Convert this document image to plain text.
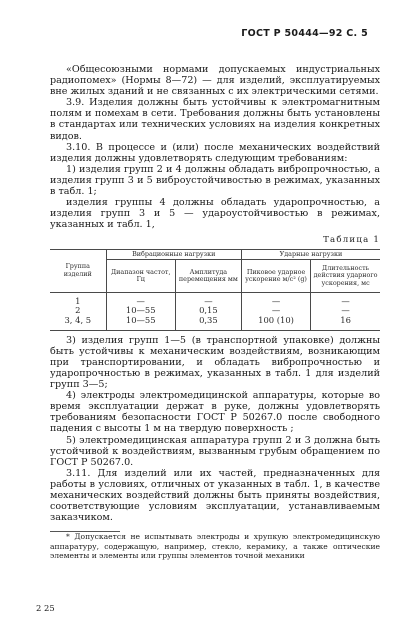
ГОСТ Р 50444—92 С. 5

«Общесоюзными нормами допускаемых индустриальных радиопомех» (Нормы 8—72) — для изделий, эксплуатируемых вне жилых зданий и не связанных с их электрическими сетями.

3.9. Изделия должны быть устойчивы к электромагнитным полям и помехам в сети. Требования должны быть установлены в стандартах или технических условиях на изделия конкретных видов.

3.10. В процессе и (или) после механических воздействий изделия должны удовлетворять следующим требованиям:

1) изделия групп 2 и 4 должны обладать вибропрочностью, а изделия групп 3 и 5 виброустойчивостью в режимах, указанных в табл. 1;

изделия группы 4 должны обладать ударопрочностью, а изделия групп 3 и 5 — удароустойчивостью в режимах, указанных и табл. 1,

Таблица 1
Группа изделий	Вибрационные нагрузки		Ударные нагрузки	
	Диапазон частот, Гц	Амплитуда перемещения мм	Пиковое ударное ускорение м/с² (g)	Длительность действия ударного ускорения, мс
1	—	—	—	—
2	10—55	0,15	—	—
3, 4, 5	10—55	0,35	100 (10)	16

3) изделия групп 1—5 (в транспортной упаковке) должны быть устойчивы к механическим воздействиям, возникающим при транспортировании, и обладать вибропрочностью и ударопрочностью в режимах, указанных в табл. 1 для изделий групп 3—5;

4) электроды электромедицинской аппаратуры, которые во время эксплуатации держат в руке, должны удовлетворять требованиям безопасности ГОСТ Р 50267.0 после свободного падения с высоты 1 м на твердую поверхность ;

5) электромедицинская аппаратура групп 2 и 3 должна быть устойчивой к воздействиям, вызванным грубым обращением по ГОСТ Р 50267.0.

3.11. Для изделий или их частей, предназначенных для работы в условиях, отличных от указанных в табл. 1, в качестве механических воздействий должны быть приняты воздействия, соответствующие условиям эксплуатации, устанавливаемым заказчиком.

* Допускается не испытывать электроды и хрупкую электромедицинскую аппаратуру, содержащую, например, стекло, керамику, а также оптические элементы и элементы или группы элементов точной механики

2 25
